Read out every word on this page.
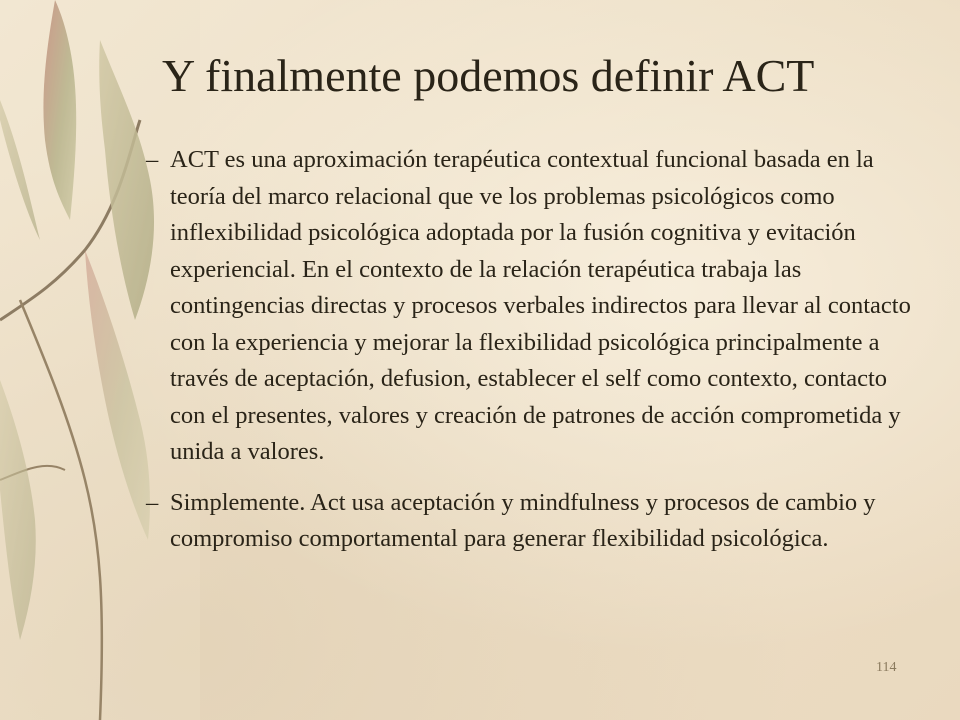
Y finalmente podemos definir ACT
– ACT es una aproximación terapéutica contextual funcional basada en la teoría del marco relacional que ve los problemas psicológicos como inflexibilidad psicológica adoptada por la fusión cognitiva y evitación experiencial. En el contexto de la relación terapéutica trabaja las contingencias directas y procesos verbales indirectos para llevar al contacto con la experiencia y mejorar la flexibilidad psicológica principalmente a través de aceptación, defusion, establecer el self como contexto, contacto con el presentes, valores y creación de patrones de acción comprometida y unida a valores.
– Simplemente. Act usa aceptación y mindfulness y procesos de cambio y compromiso comportamental para generar flexibilidad psicológica.
114
